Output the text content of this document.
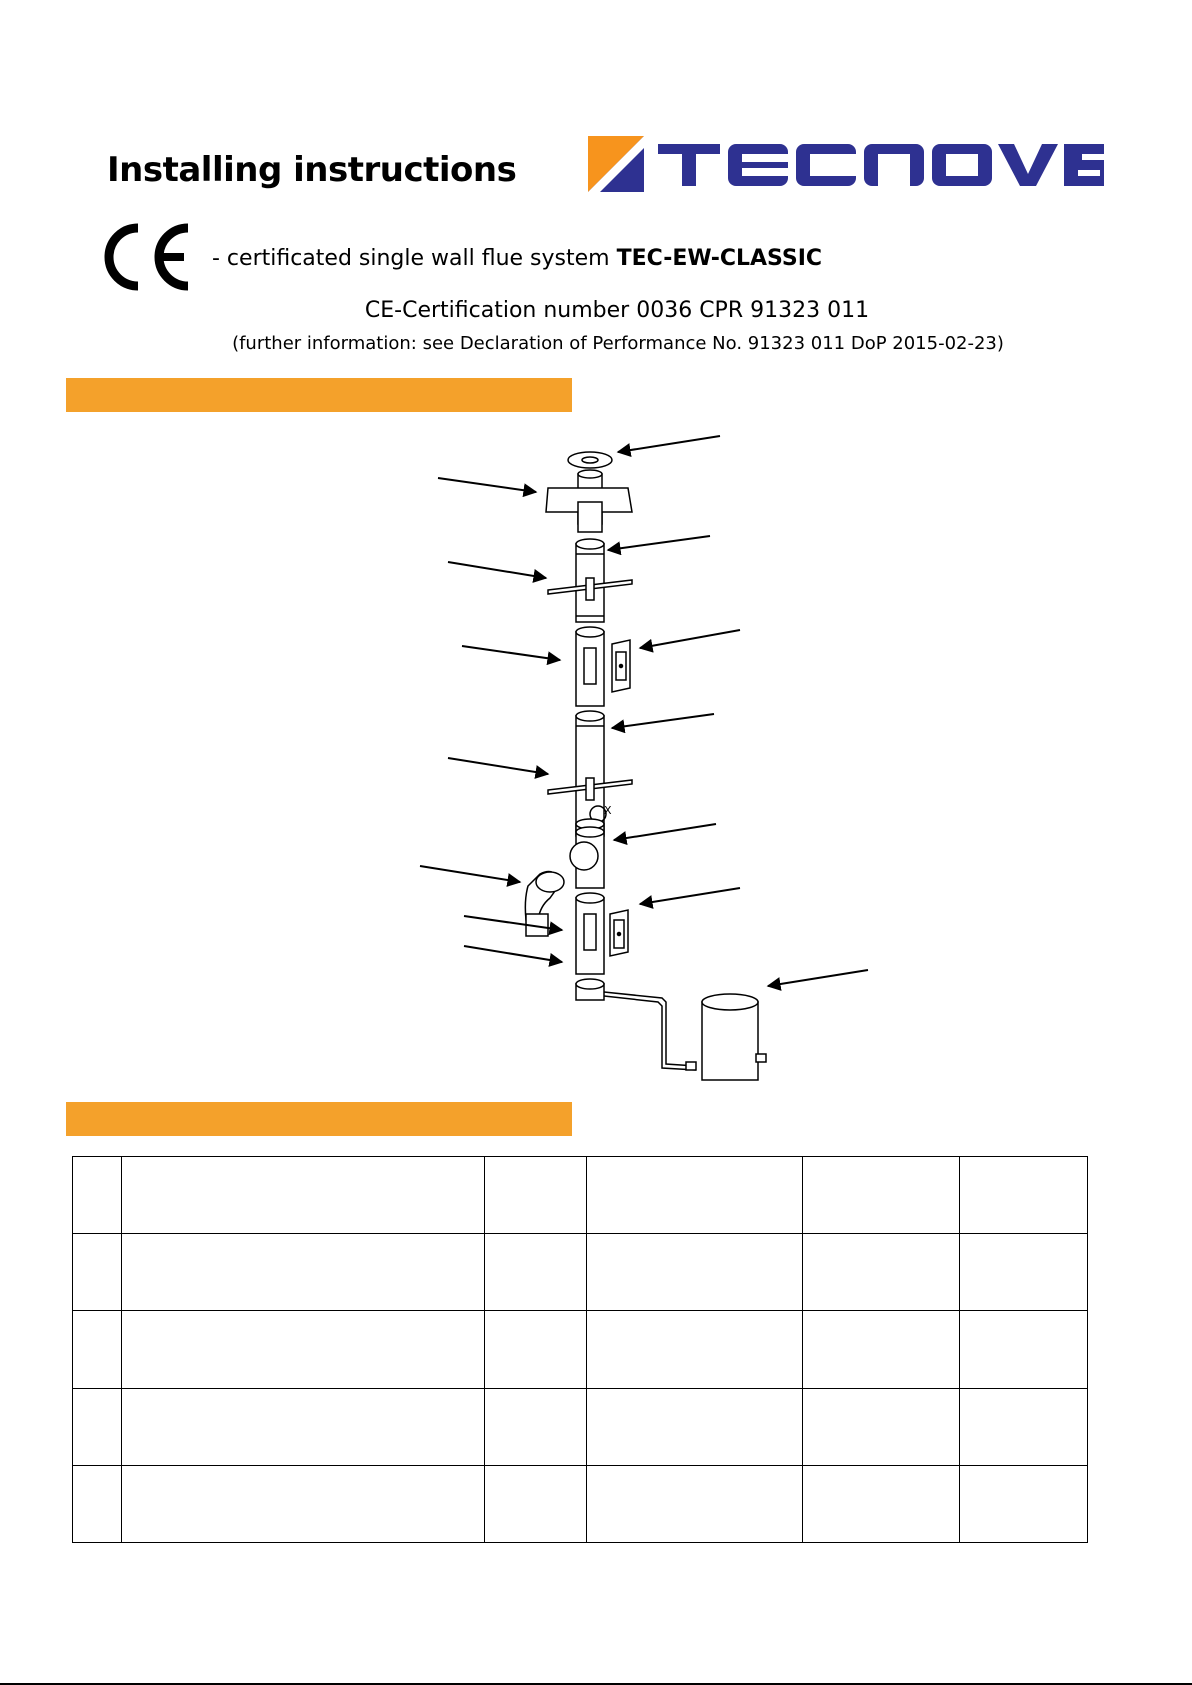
Installing instructions
- certificated single wall flue system TEC-EW-CLASSIC
CE-Certification number 0036 CPR 91323 011
(further information: see Declaration of Performance No. 91323 011 DoP 2015-02-23)
X
